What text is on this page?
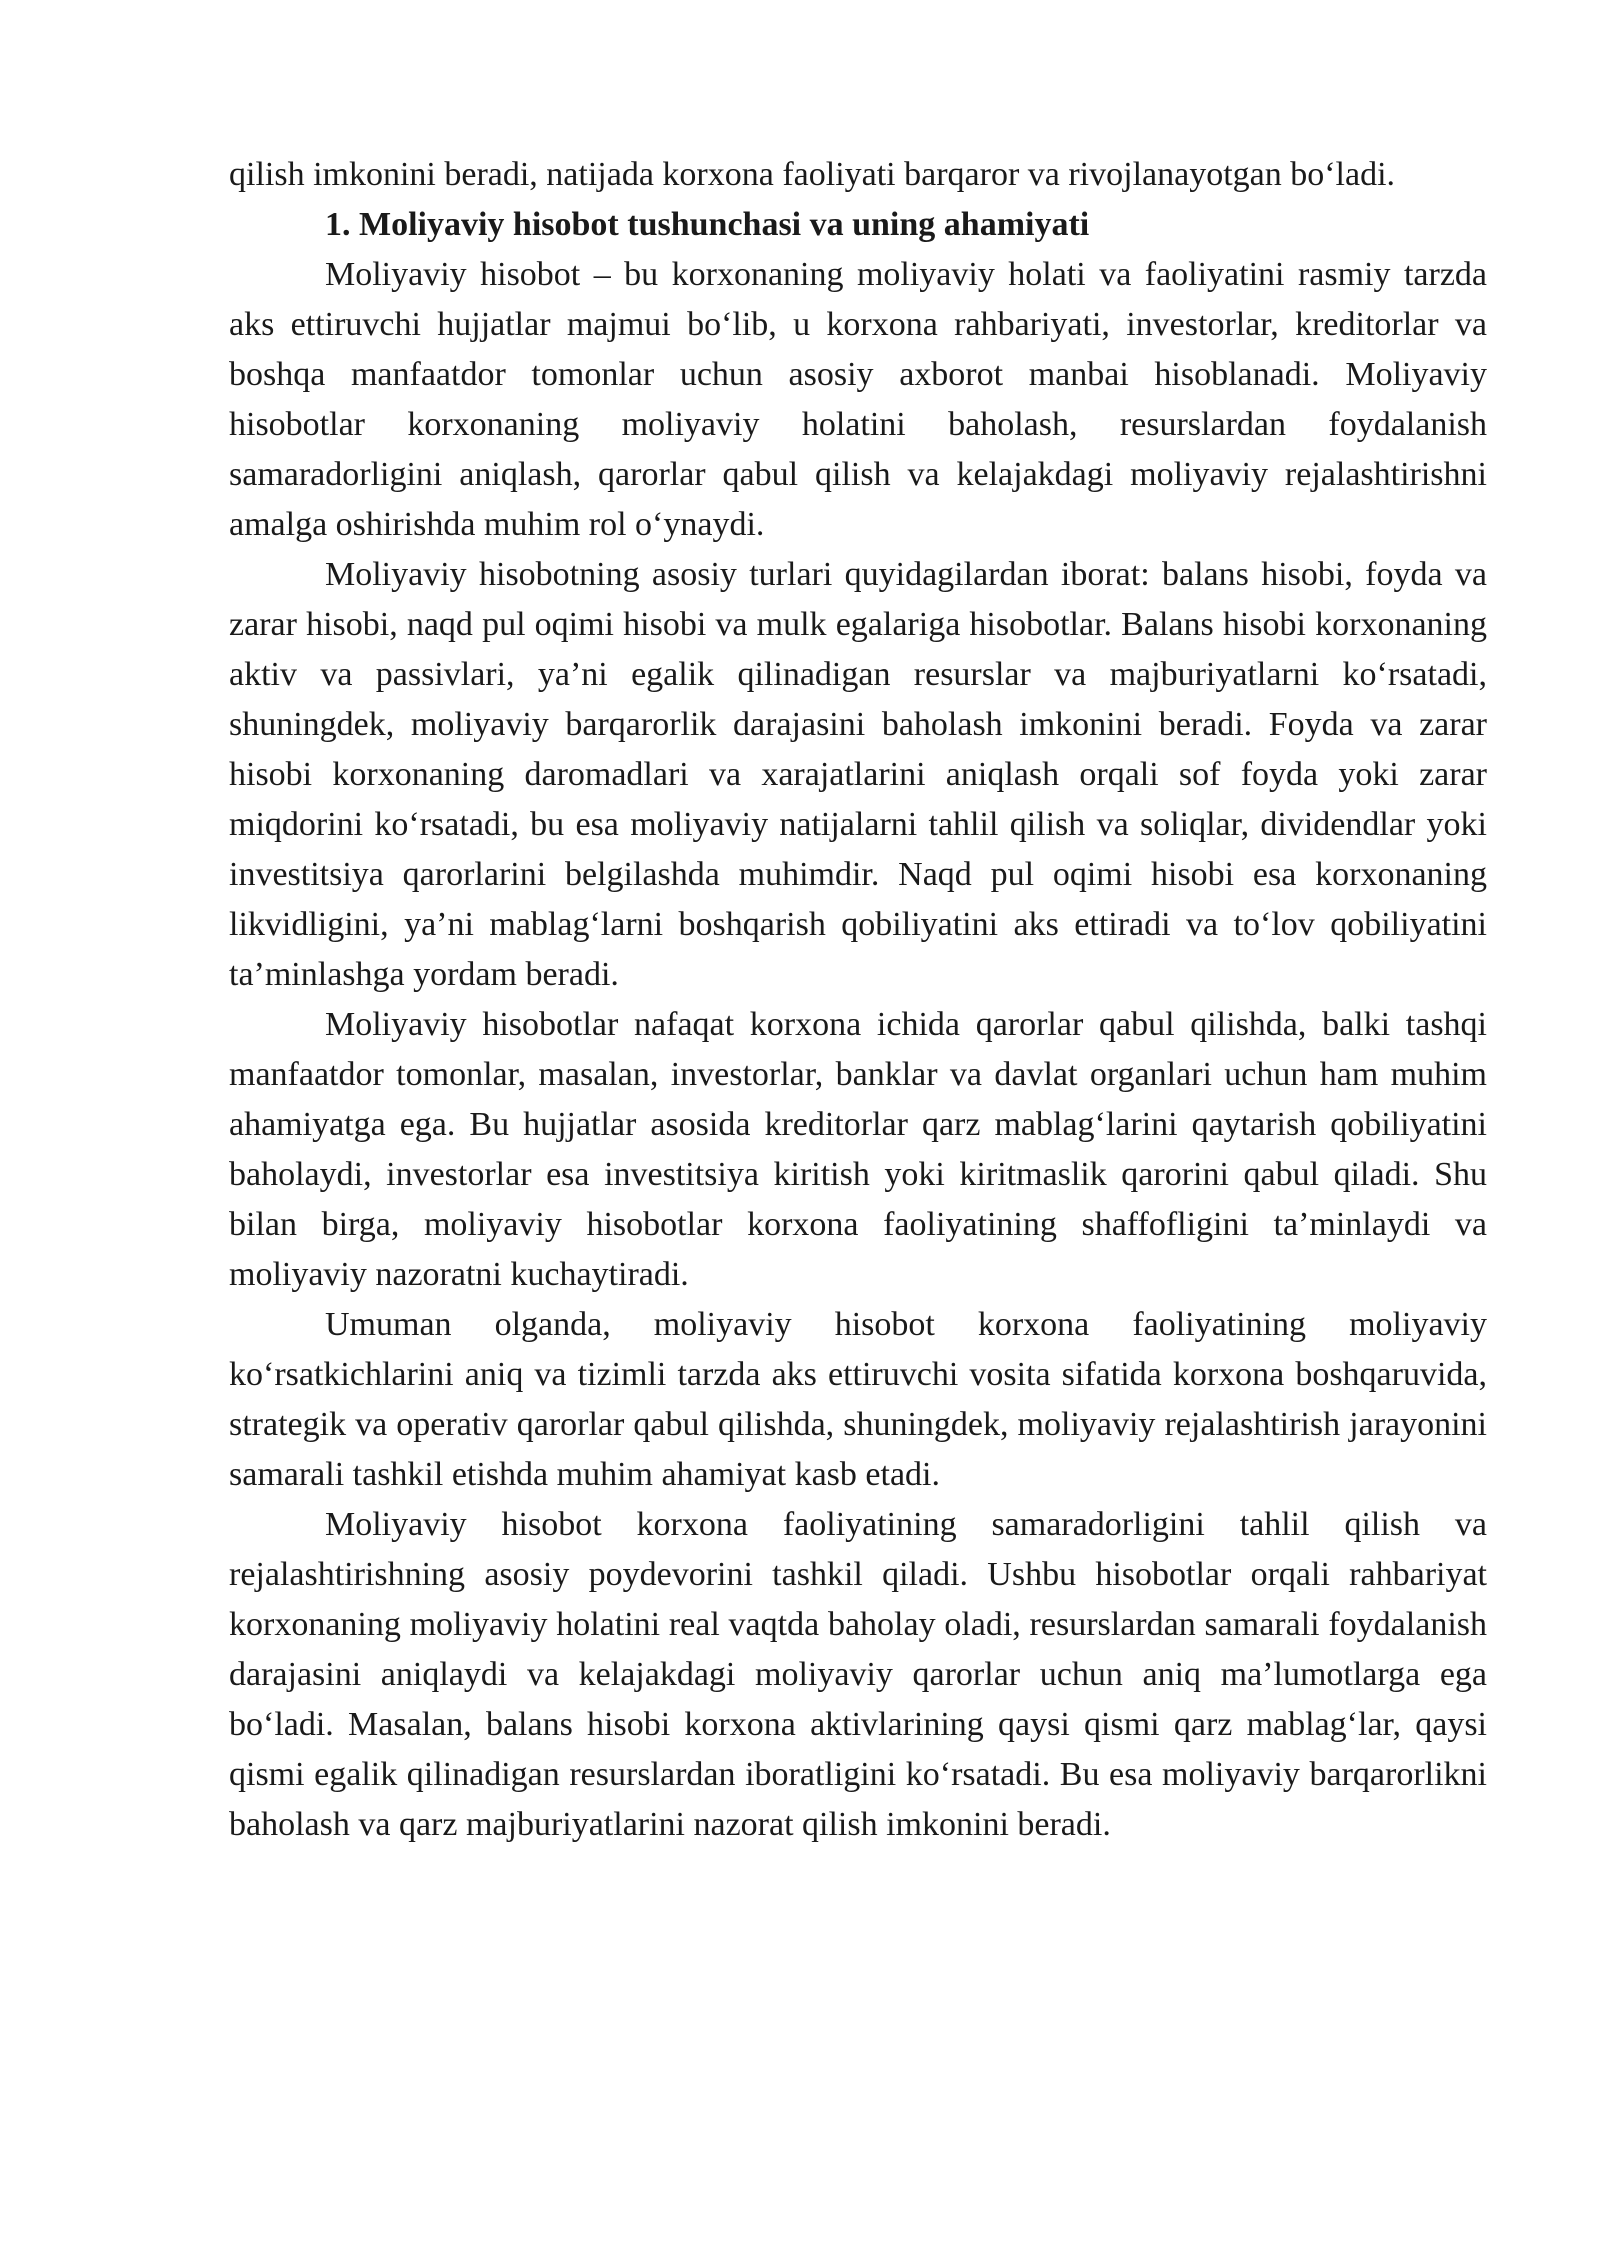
qilish imkonini beradi, natijada korxona faoliyati barqaror va rivojlanayotgan bo‘ladi.

1. Moliyaviy hisobot tushunchasi va uning ahamiyati

Moliyaviy hisobot – bu korxonaning moliyaviy holati va faoliyatini rasmiy tarzda aks ettiruvchi hujjatlar majmui bo‘lib, u korxona rahbariyati, investorlar, kreditorlar va boshqa manfaatdor tomonlar uchun asosiy axborot manbai hisoblanadi. Moliyaviy hisobotlar korxonaning moliyaviy holatini baholash, resurslardan foydalanish samaradorligini aniqlash, qarorlar qabul qilish va kelajakdagi moliyaviy rejalashtirishni amalga oshirishda muhim rol o‘ynaydi.

Moliyaviy hisobotning asosiy turlari quyidagilardan iborat: balans hisobi, foyda va zarar hisobi, naqd pul oqimi hisobi va mulk egalariga hisobotlar. Balans hisobi korxonaning aktiv va passivlari, ya’ni egalik qilinadigan resurslar va majburiyatlarni ko‘rsatadi, shuningdek, moliyaviy barqarorlik darajasini baholash imkonini beradi. Foyda va zarar hisobi korxonaning daromadlari va xarajatlarini aniqlash orqali sof foyda yoki zarar miqdorini ko‘rsatadi, bu esa moliyaviy natijalarni tahlil qilish va soliqlar, dividendlar yoki investitsiya qarorlarini belgilashda muhimdir. Naqd pul oqimi hisobi esa korxonaning likvidligini, ya’ni mablag‘larni boshqarish qobiliyatini aks ettiradi va to‘lov qobiliyatini ta’minlashga yordam beradi.

Moliyaviy hisobotlar nafaqat korxona ichida qarorlar qabul qilishda, balki tashqi manfaatdor tomonlar, masalan, investorlar, banklar va davlat organlari uchun ham muhim ahamiyatga ega. Bu hujjatlar asosida kreditorlar qarz mablag‘larini qaytarish qobiliyatini baholaydi, investorlar esa investitsiya kiritish yoki kiritmaslik qarorini qabul qiladi. Shu bilan birga, moliyaviy hisobotlar korxona faoliyatining shaffofligini ta’minlaydi va moliyaviy nazoratni kuchaytiradi.

Umuman olganda, moliyaviy hisobot korxona faoliyatining moliyaviy ko‘rsatkichlarini aniq va tizimli tarzda aks ettiruvchi vosita sifatida korxona boshqaruvida, strategik va operativ qarorlar qabul qilishda, shuningdek, moliyaviy rejalashtirish jarayonini samarali tashkil etishda muhim ahamiyat kasb etadi.

Moliyaviy hisobot korxona faoliyatining samaradorligini tahlil qilish va rejalashtirishning asosiy poydevorini tashkil qiladi. Ushbu hisobotlar orqali rahbariyat korxonaning moliyaviy holatini real vaqtda baholay oladi, resurslardan samarali foydalanish darajasini aniqlaydi va kelajakdagi moliyaviy qarorlar uchun aniq ma’lumotlarga ega bo‘ladi. Masalan, balans hisobi korxona aktivlarining qaysi qismi qarz mablag‘lar, qaysi qismi egalik qilinadigan resurslardan iboratligini ko‘rsatadi. Bu esa moliyaviy barqarorlikni baholash va qarz majburiyatlarini nazorat qilish imkonini beradi.
